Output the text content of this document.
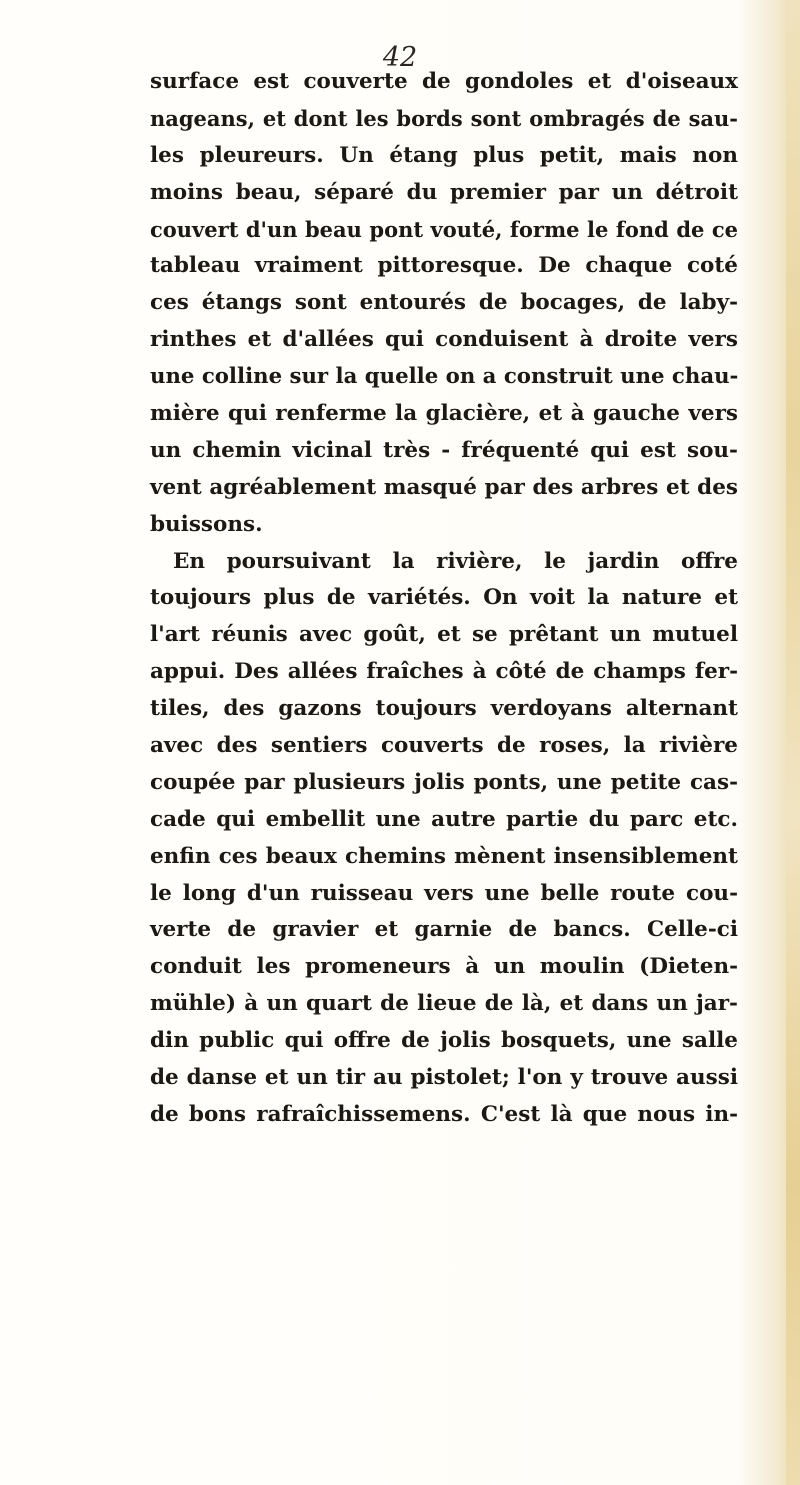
42
surface est couverte de gondoles et d'oiseaux
nageans, et dont les bords sont ombragés de sau-
les pleureurs. Un étang plus petit, mais non
moins beau, séparé du premier par un détroit
couvert d'un beau pont vouté, forme le fond de ce
tableau vraiment pittoresque. De chaque coté
ces étangs sont entourés de bocages, de laby-
rinthes et d'allées qui conduisent à droite vers
une colline sur la quelle on a construit une chau-
mière qui renferme la glacière, et à gauche vers
un chemin vicinal très - fréquenté qui est sou-
vent agréablement masqué par des arbres et des
buissons.
En poursuivant la rivière, le jardin offre
toujours plus de variétés. On voit la nature et
l'art réunis avec goût, et se prêtant un mutuel
appui. Des allées fraîches à côté de champs fer-
tiles, des gazons toujours verdoyans alternant
avec des sentiers couverts de roses, la rivière
coupée par plusieurs jolis ponts, une petite cas-
cade qui embellit une autre partie du parc etc.
enfin ces beaux chemins mènent insensiblement
le long d'un ruisseau vers une belle route cou-
verte de gravier et garnie de bancs. Celle-ci
conduit les promeneurs à un moulin (Dieten-
mühle) à un quart de lieue de là, et dans un jar-
din public qui offre de jolis bosquets, une salle
de danse et un tir au pistolet; l'on y trouve aussi
de bons rafraîchissemens. C'est là que nous in-
